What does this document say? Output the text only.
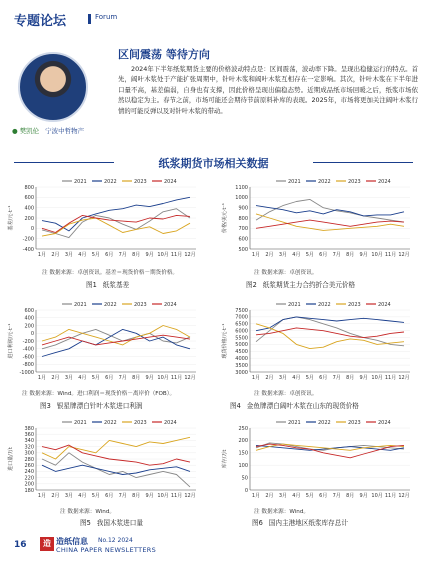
专题论坛	Forum
● 樊凯伦 宁波中哲物产
区间震荡 等待方向
2024年下半年纸浆期货主要的价格波动特点是：区间震荡，波动率下降。呈现出稳健运行的特点。首先，阔叶木浆处于产能扩张周期中，针叶木浆和阔叶木浆互相存在一定影响。其次，针叶木浆在下半年进口量不高，基差偏弱，自身也有支撑，因此价格呈现出偏稳态势。近期成品纸市场回暖之后，纸浆市场依然以稳定为主。春节之前，市场可能还会期待节前原料补库的表现。2025年，市场将更加关注阔叶木浆行情的可能反弹以及对针叶木浆的带动。
纸浆期货市场相关数据
-400
-200
0
200
400
600
800
1月 2月 3月 4月 5月 6月 7月 8月 9月 10月 11月 12月
基差/元·t⁻¹
2021	2022	2023	2024
500
600
700
800
900
1000
1100
1月 2月 3月 4月 5月 6月 7月 8月 9月 10月 11月 12月
价格/美元·t⁻¹
2021	2022	2023	2024
-1000
-800
-600
-400
-200
0
200
400
600
1月 2月 3月 4月 5月 6月 7月 8月 9月 10月 11月 12月
进口利润/元·t⁻¹
2021	2022	2023	2024
3000
3500
4000
4500
5000
5500
6000
6500
7000
7500
1月 2月 3月 4月 5月 6月 7月 8月 9月 10月 11月 12月
现货价格/元·t⁻¹
2021	2022	2023	2024
180
200
220
240
260
280
300
320
340
360
380
1月 2月 3月 4月 5月 6月 7月 8月 9月 10月 11月 12月
进口量/万t
2021	2022	2023	2024
0
50
100
150
200
250
1月 2月 3月 4月 5月 6月 7月 8月 9月 10月 11月 12月
库存/万t
2021	2022	2023	2024
注 数据来源：卓创资讯。基差＝现货价格－期货价格。
图1 纸浆基差
注 数据来源：卓创资讯。
图2 纸浆期货主力合约折合美元价格
注 数据来源：Wind。进口利润＝现货价格－离岸价（FOB）。
图3 银星牌漂白针叶木浆进口利润
注 数据来源：卓创资讯。
图4 金鱼牌漂白阔叶木浆在山东的现货价格
注 数据来源：Wind。
图5 我国木浆进口量
注 数据来源：Wind。
图6 国内主港地区纸浆库存总计
16	造 造纸信息 No.12 2024
CHINA PAPER NEWSLETTERS
